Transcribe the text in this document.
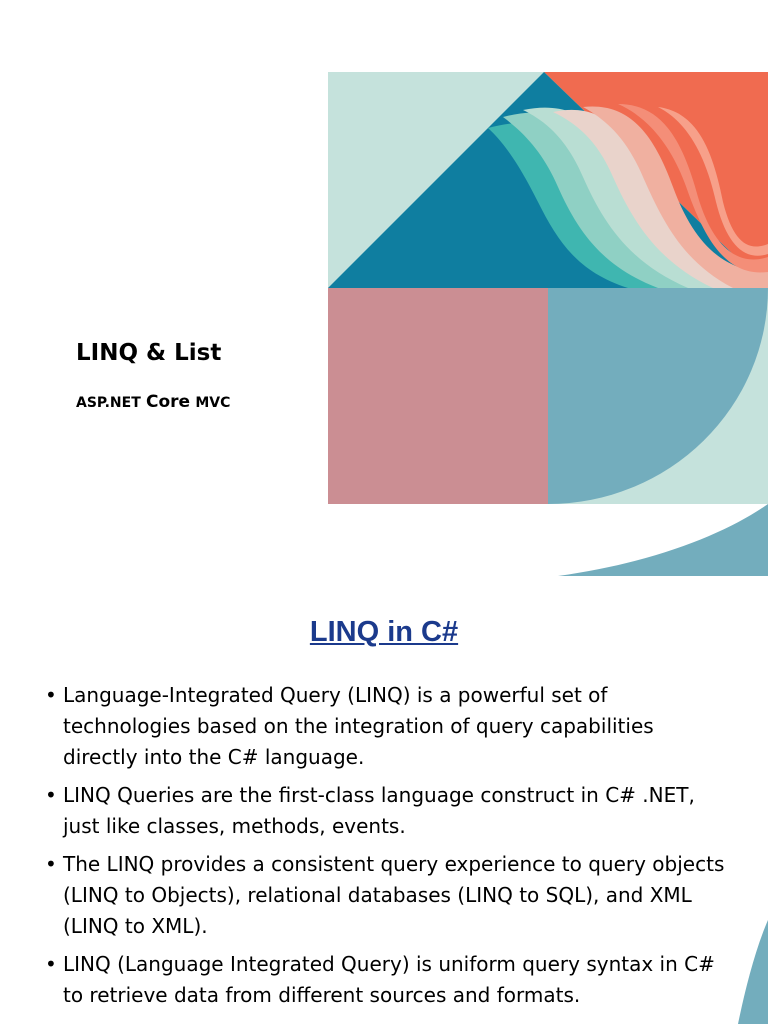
LINQ & List
ASP.NET Core MVC
LINQ in C#
• Language-Integrated Query (LINQ) is a powerful set of technologies based on the integration of query capabilities directly into the C# language.
• LINQ Queries are the first-class language construct in C# .NET, just like classes, methods, events.
• The LINQ provides a consistent query experience to query objects (LINQ to Objects), relational databases (LINQ to SQL), and XML (LINQ to XML).
• LINQ (Language Integrated Query) is uniform query syntax in C# to retrieve data from different sources and formats.
